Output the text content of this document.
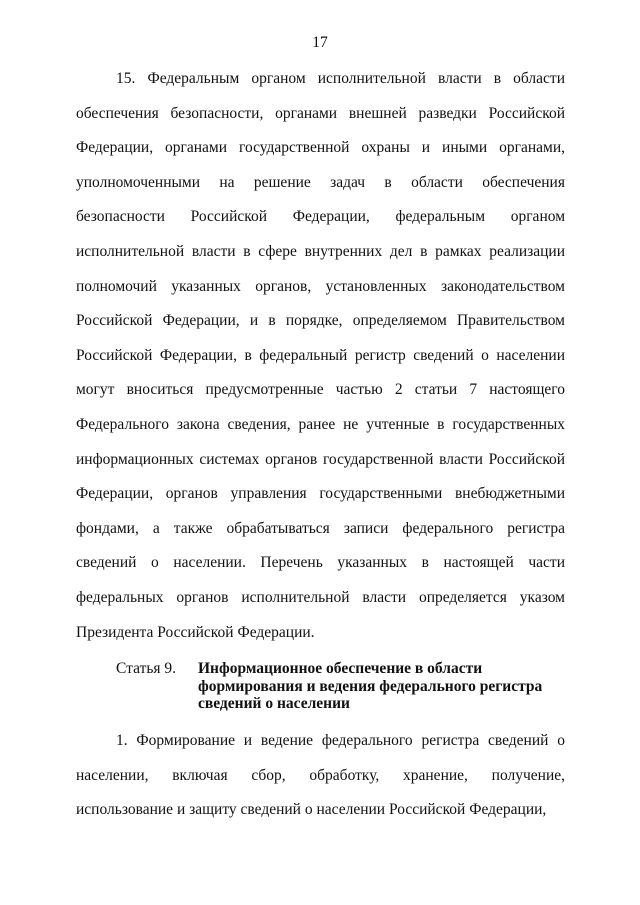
17

15. Федеральным органом исполнительной власти в области обеспечения безопасности, органами внешней разведки Российской Федерации, органами государственной охраны и иными органами, уполномоченными на решение задач в области обеспечения безопасности Российской Федерации, федеральным органом исполнительной власти в сфере внутренних дел в рамках реализации полномочий указанных органов, установленных законодательством Российской Федерации, и в порядке, определяемом Правительством Российской Федерации, в федеральный регистр сведений о населении могут вноситься предусмотренные частью 2 статьи 7 настоящего Федерального закона сведения, ранее не учтенные в государственных информационных системах органов государственной власти Российской Федерации, органов управления государственными внебюджетными фондами, а также обрабатываться записи федерального регистра сведений о населении. Перечень указанных в настоящей части федеральных органов исполнительной власти определяется указом Президента Российской Федерации.

Статья 9. Информационное обеспечение в области формирования и ведения федерального регистра сведений о населении

1. Формирование и ведение федерального регистра сведений о населении, включая сбор, обработку, хранение, получение, использование и защиту сведений о населении Российской Федерации,
